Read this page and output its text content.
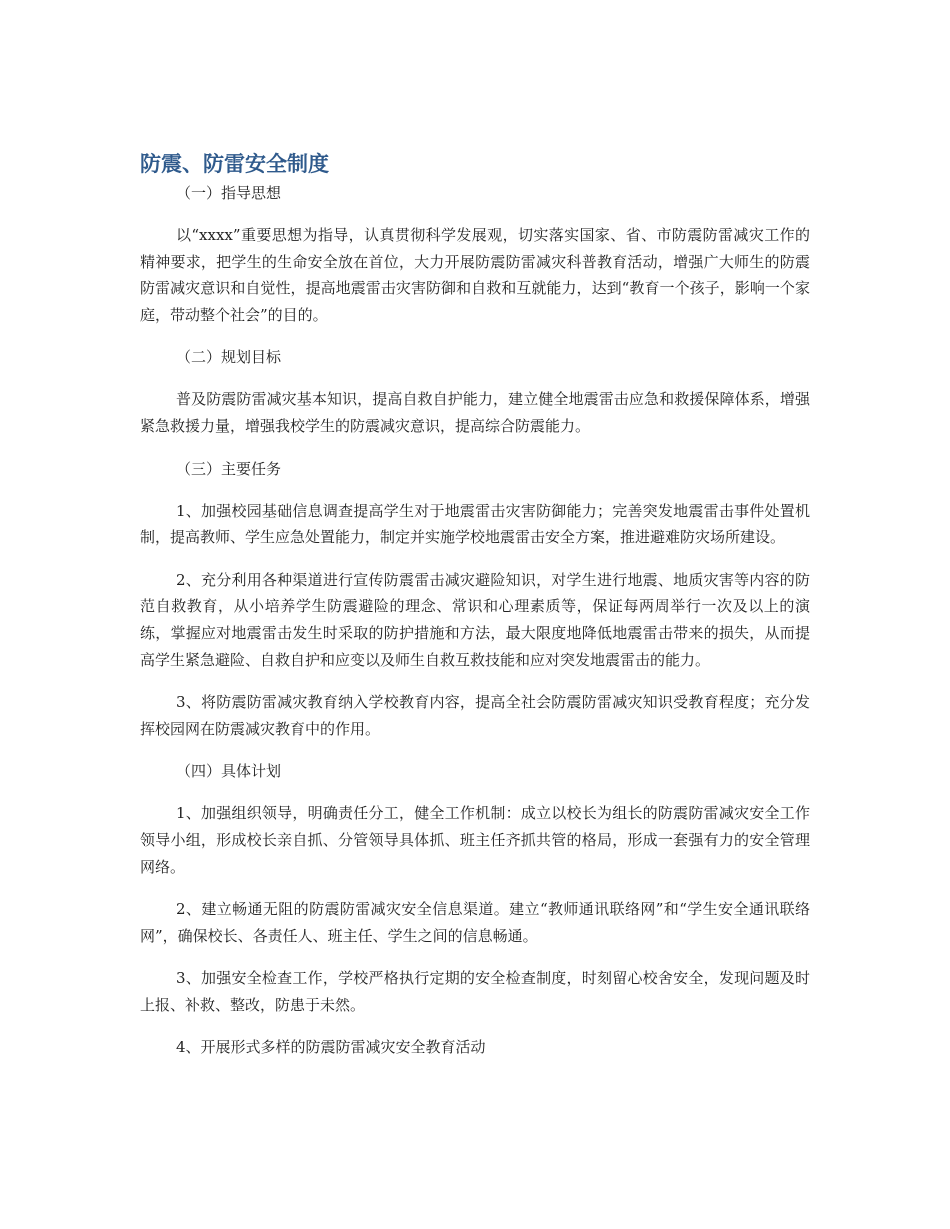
防震、防雷安全制度

（一）指导思想

以“xxxx”重要思想为指导，认真贯彻科学发展观，切实落实国家、省、市防震防雷减灾工作的精神要求，把学生的生命安全放在首位，大力开展防震防雷减灾科普教育活动，增强广大师生的防震防雷减灾意识和自觉性，提高地震雷击灾害防御和自救和互就能力，达到“教育一个孩子，影响一个家庭，带动整个社会”的目的。

（二）规划目标

普及防震防雷减灾基本知识，提高自救自护能力，建立健全地震雷击应急和救援保障体系，增强紧急救援力量，增强我校学生的防震减灾意识，提高综合防震能力。

（三）主要任务

1、加强校园基础信息调查提高学生对于地震雷击灾害防御能力；完善突发地震雷击事件处置机制，提高教师、学生应急处置能力，制定并实施学校地震雷击安全方案，推进避难防灾场所建设。

2、充分利用各种渠道进行宣传防震雷击减灾避险知识，对学生进行地震、地质灾害等内容的防范自救教育，从小培养学生防震避险的理念、常识和心理素质等，保证每两周举行一次及以上的演练，掌握应对地震雷击发生时采取的防护措施和方法，最大限度地降低地震雷击带来的损失，从而提高学生紧急避险、自救自护和应变以及师生自救互救技能和应对突发地震雷击的能力。

3、将防震防雷减灾教育纳入学校教育内容，提高全社会防震防雷减灾知识受教育程度；充分发挥校园网在防震减灾教育中的作用。

（四）具体计划

1、加强组织领导，明确责任分工，健全工作机制：成立以校长为组长的防震防雷减灾安全工作领导小组，形成校长亲自抓、分管领导具体抓、班主任齐抓共管的格局，形成一套强有力的安全管理网络。

2、建立畅通无阻的防震防雷减灾安全信息渠道。建立“教师通讯联络网”和“学生安全通讯联络网”，确保校长、各责任人、班主任、学生之间的信息畅通。

3、加强安全检查工作，学校严格执行定期的安全检查制度，时刻留心校舍安全，发现问题及时上报、补救、整改，防患于未然。

4、开展形式多样的防震防雷减灾安全教育活动
